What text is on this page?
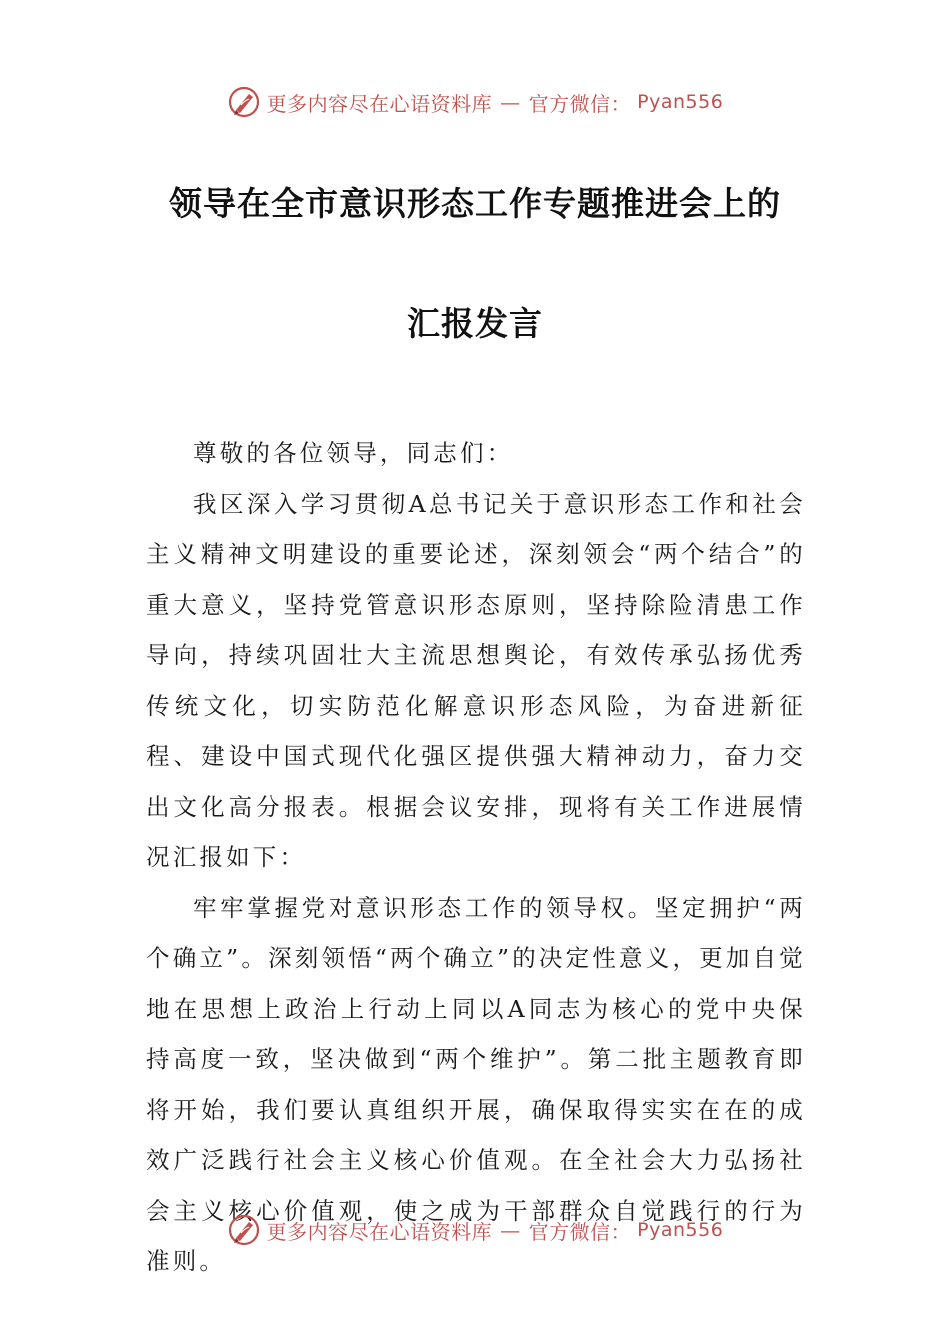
更多内容尽在心语资料库 — 官方微信： Pyan556
领导在全市意识形态工作专题推进会上的
汇报发言

尊敬的各位领导，同志们：

我区深入学习贯彻A总书记关于意识形态工作和社会主义精神文明建设的重要论述，深刻领会“两个结合”的重大意义，坚持党管意识形态原则，坚持除险清患工作导向，持续巩固壮大主流思想舆论，有效传承弘扬优秀传统文化，切实防范化解意识形态风险，为奋进新征程、建设中国式现代化强区提供强大精神动力，奋力交出文化高分报表。根据会议安排，现将有关工作进展情况汇报如下：

牢牢掌握党对意识形态工作的领导权。坚定拥护“两个确立”。深刻领悟“两个确立”的决定性意义，更加自觉地在思想上政治上行动上同以A同志为核心的党中央保持高度一致，坚决做到“两个维护”。第二批主题教育即将开始，我们要认真组织开展，确保取得实实在在的成效广泛践行社会主义核心价值观。在全社会大力弘扬社会主义核心价值观，使之成为干部群众自觉践行的行为准则。

更多内容尽在心语资料库 — 官方微信： Pyan556
